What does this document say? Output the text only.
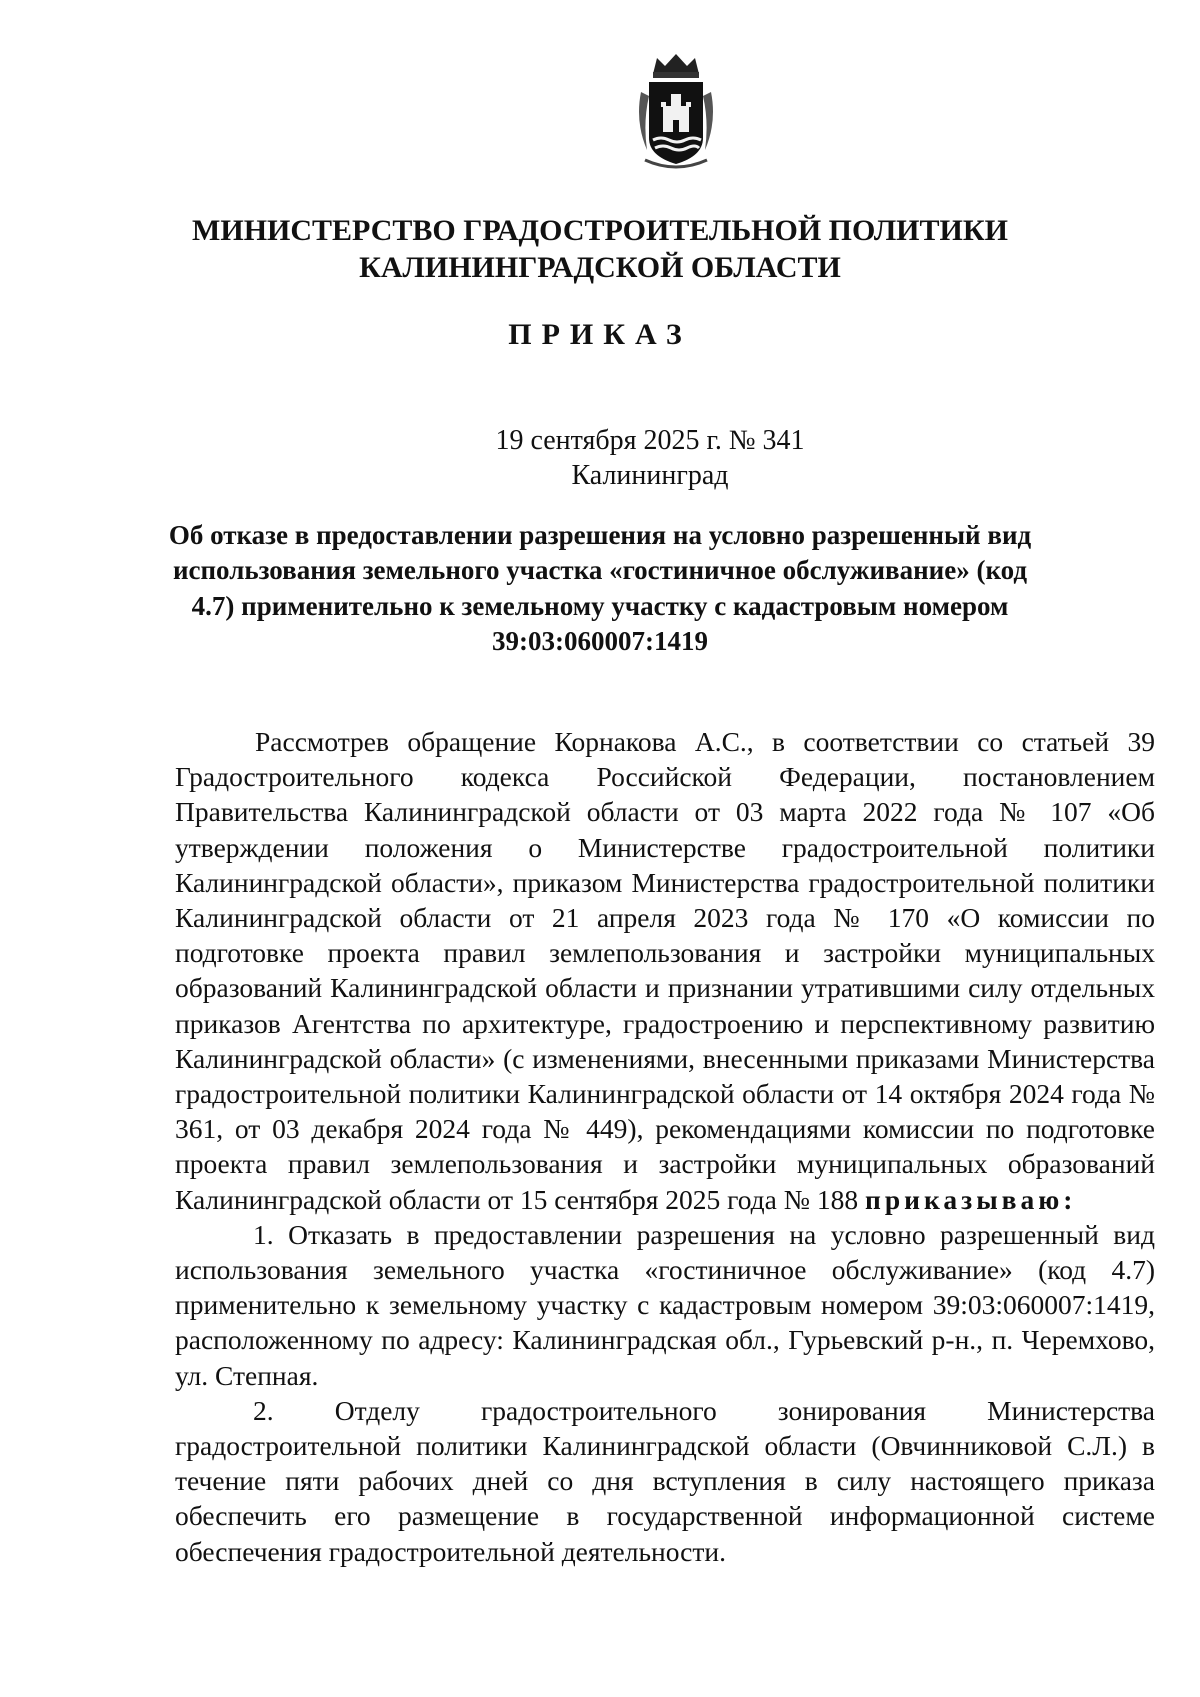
МИНИСТЕРСТВО ГРАДОСТРОИТЕЛЬНОЙ ПОЛИТИКИ
КАЛИНИНГРАДСКОЙ ОБЛАСТИ
ПРИКАЗ
19 сентября 2025 г. № 341
Калининград
Об отказе в предоставлении разрешения на условно разрешенный вид использования земельного участка «гостиничное обслуживание» (код 4.7) применительно к земельному участку с кадастровым номером 39:03:060007:1419

Рассмотрев обращение Корнакова А.С., в соответствии со статьей 39 Градостроительного кодекса Российской Федерации, постановлением Правительства Калининградской области от 03 марта 2022 года № 107 «Об утверждении положения о Министерстве градостроительной политики Калининградской области», приказом Министерства градостроительной политики Калининградской области от 21 апреля 2023 года № 170 «О комиссии по подготовке проекта правил землепользования и застройки муниципальных образований Калининградской области и признании утратившими силу отдельных приказов Агентства по архитектуре, градостроению и перспективному развитию Калининградской области» (с изменениями, внесенными приказами Министерства градостроительной политики Калининградской области от 14 октября 2024 года № 361, от 03 декабря 2024 года № 449), рекомендациями комиссии по подготовке проекта правил землепользования и застройки муниципальных образований Калининградской области от 15 сентября 2025 года № 188 приказываю:

1. Отказать в предоставлении разрешения на условно разрешенный вид использования земельного участка «гостиничное обслуживание» (код 4.7) применительно к земельному участку с кадастровым номером 39:03:060007:1419, расположенному по адресу: Калининградская обл., Гурьевский р-н., п. Черемхово, ул. Степная.

2. Отделу градостроительного зонирования Министерства градостроительной политики Калининградской области (Овчинниковой С.Л.) в течение пяти рабочих дней со дня вступления в силу настоящего приказа обеспечить его размещение в государственной информационной системе обеспечения градостроительной деятельности.
